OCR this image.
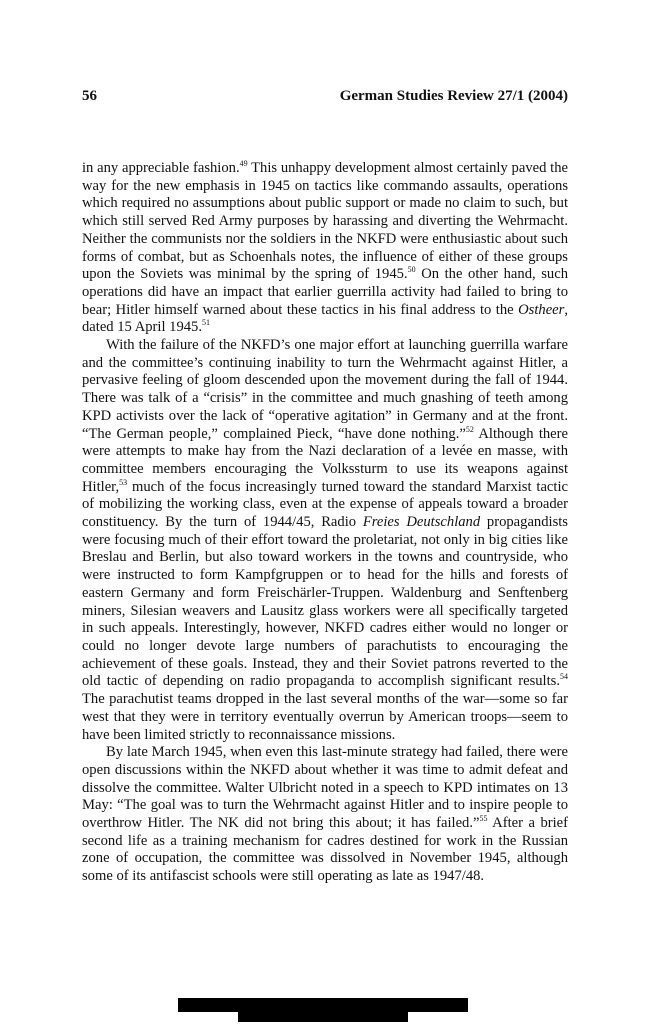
56	German Studies Review 27/1 (2004)

in any appreciable fashion.$^{49}$ This unhappy development almost certainly paved the way for the new emphasis in 1945 on tactics like commando assaults, operations which required no assumptions about public support or made no claim to such, but which still served Red Army purposes by harassing and diverting the Wehrmacht. Neither the communists nor the soldiers in the NKFD were enthusiastic about such forms of combat, but as Schoenhals notes, the influence of either of these groups upon the Soviets was minimal by the spring of 1945.50 On the other hand, such operations did have an impact that earlier guerrilla activity had failed to bring to bear; Hitler himself warned about these tactics in his final address to the Ostheer, dated 15 April 1945.51

With the failure of the NKFD’s one major effort at launching guerrilla warfare and the committee’s continuing inability to turn the Wehrmacht against Hitler, a pervasive feeling of gloom descended upon the movement during the fall of 1944. There was talk of a “crisis” in the committee and much gnashing of teeth among KPD activists over the lack of “operative agitation” in Germany and at the front. “The German people,” complained Pieck, “have done nothing.”$^{52}$ Although there were attempts to make hay from the Nazi declaration of a levée en masse, with committee members encouraging the Volkssturm to use its weapons against Hitler,$^{53}$ much of the focus increasingly turned toward the standard Marxist tactic of mobilizing the working class, even at the expense of appeals toward a broader constituency. By the turn of 1944/45, Radio Freies Deutschland propagandists were focusing much of their effort toward the proletariat, not only in big cities like Breslau and Berlin, but also toward workers in the towns and countryside, who were instructed to form Kampfgruppen or to head for the hills and forests of eastern Germany and form Freischärler-Truppen. Waldenburg and Senftenberg miners, Silesian weavers and Lausitz glass workers were all specifically targeted in such appeals. Interestingly, however, NKFD cadres either would no longer or could no longer devote large numbers of parachutists to encouraging the achievement of these goals. Instead, they and their Soviet patrons reverted to the old tactic of depending on radio propaganda to accomplish significant results.$^{54}$ The parachutist teams dropped in the last several months of the war—some so far west that they were in territory eventually overrun by American troops—seem to have been limited strictly to reconnaissance missions.

By late March 1945, when even this last-minute strategy had failed, there were open discussions within the NKFD about whether it was time to admit defeat and dissolve the committee. Walter Ulbricht noted in a speech to KPD intimates on 13 May: “The goal was to turn the Wehrmacht against Hitler and to inspire people to overthrow Hitler. The NK did not bring this about; it has failed.”$^{55}$ After a brief second life as a training mechanism for cadres destined for work in the Russian zone of occupation, the committee was dissolved in November 1945, although some of its antifascist schools were still operating as late as 1947/48.
